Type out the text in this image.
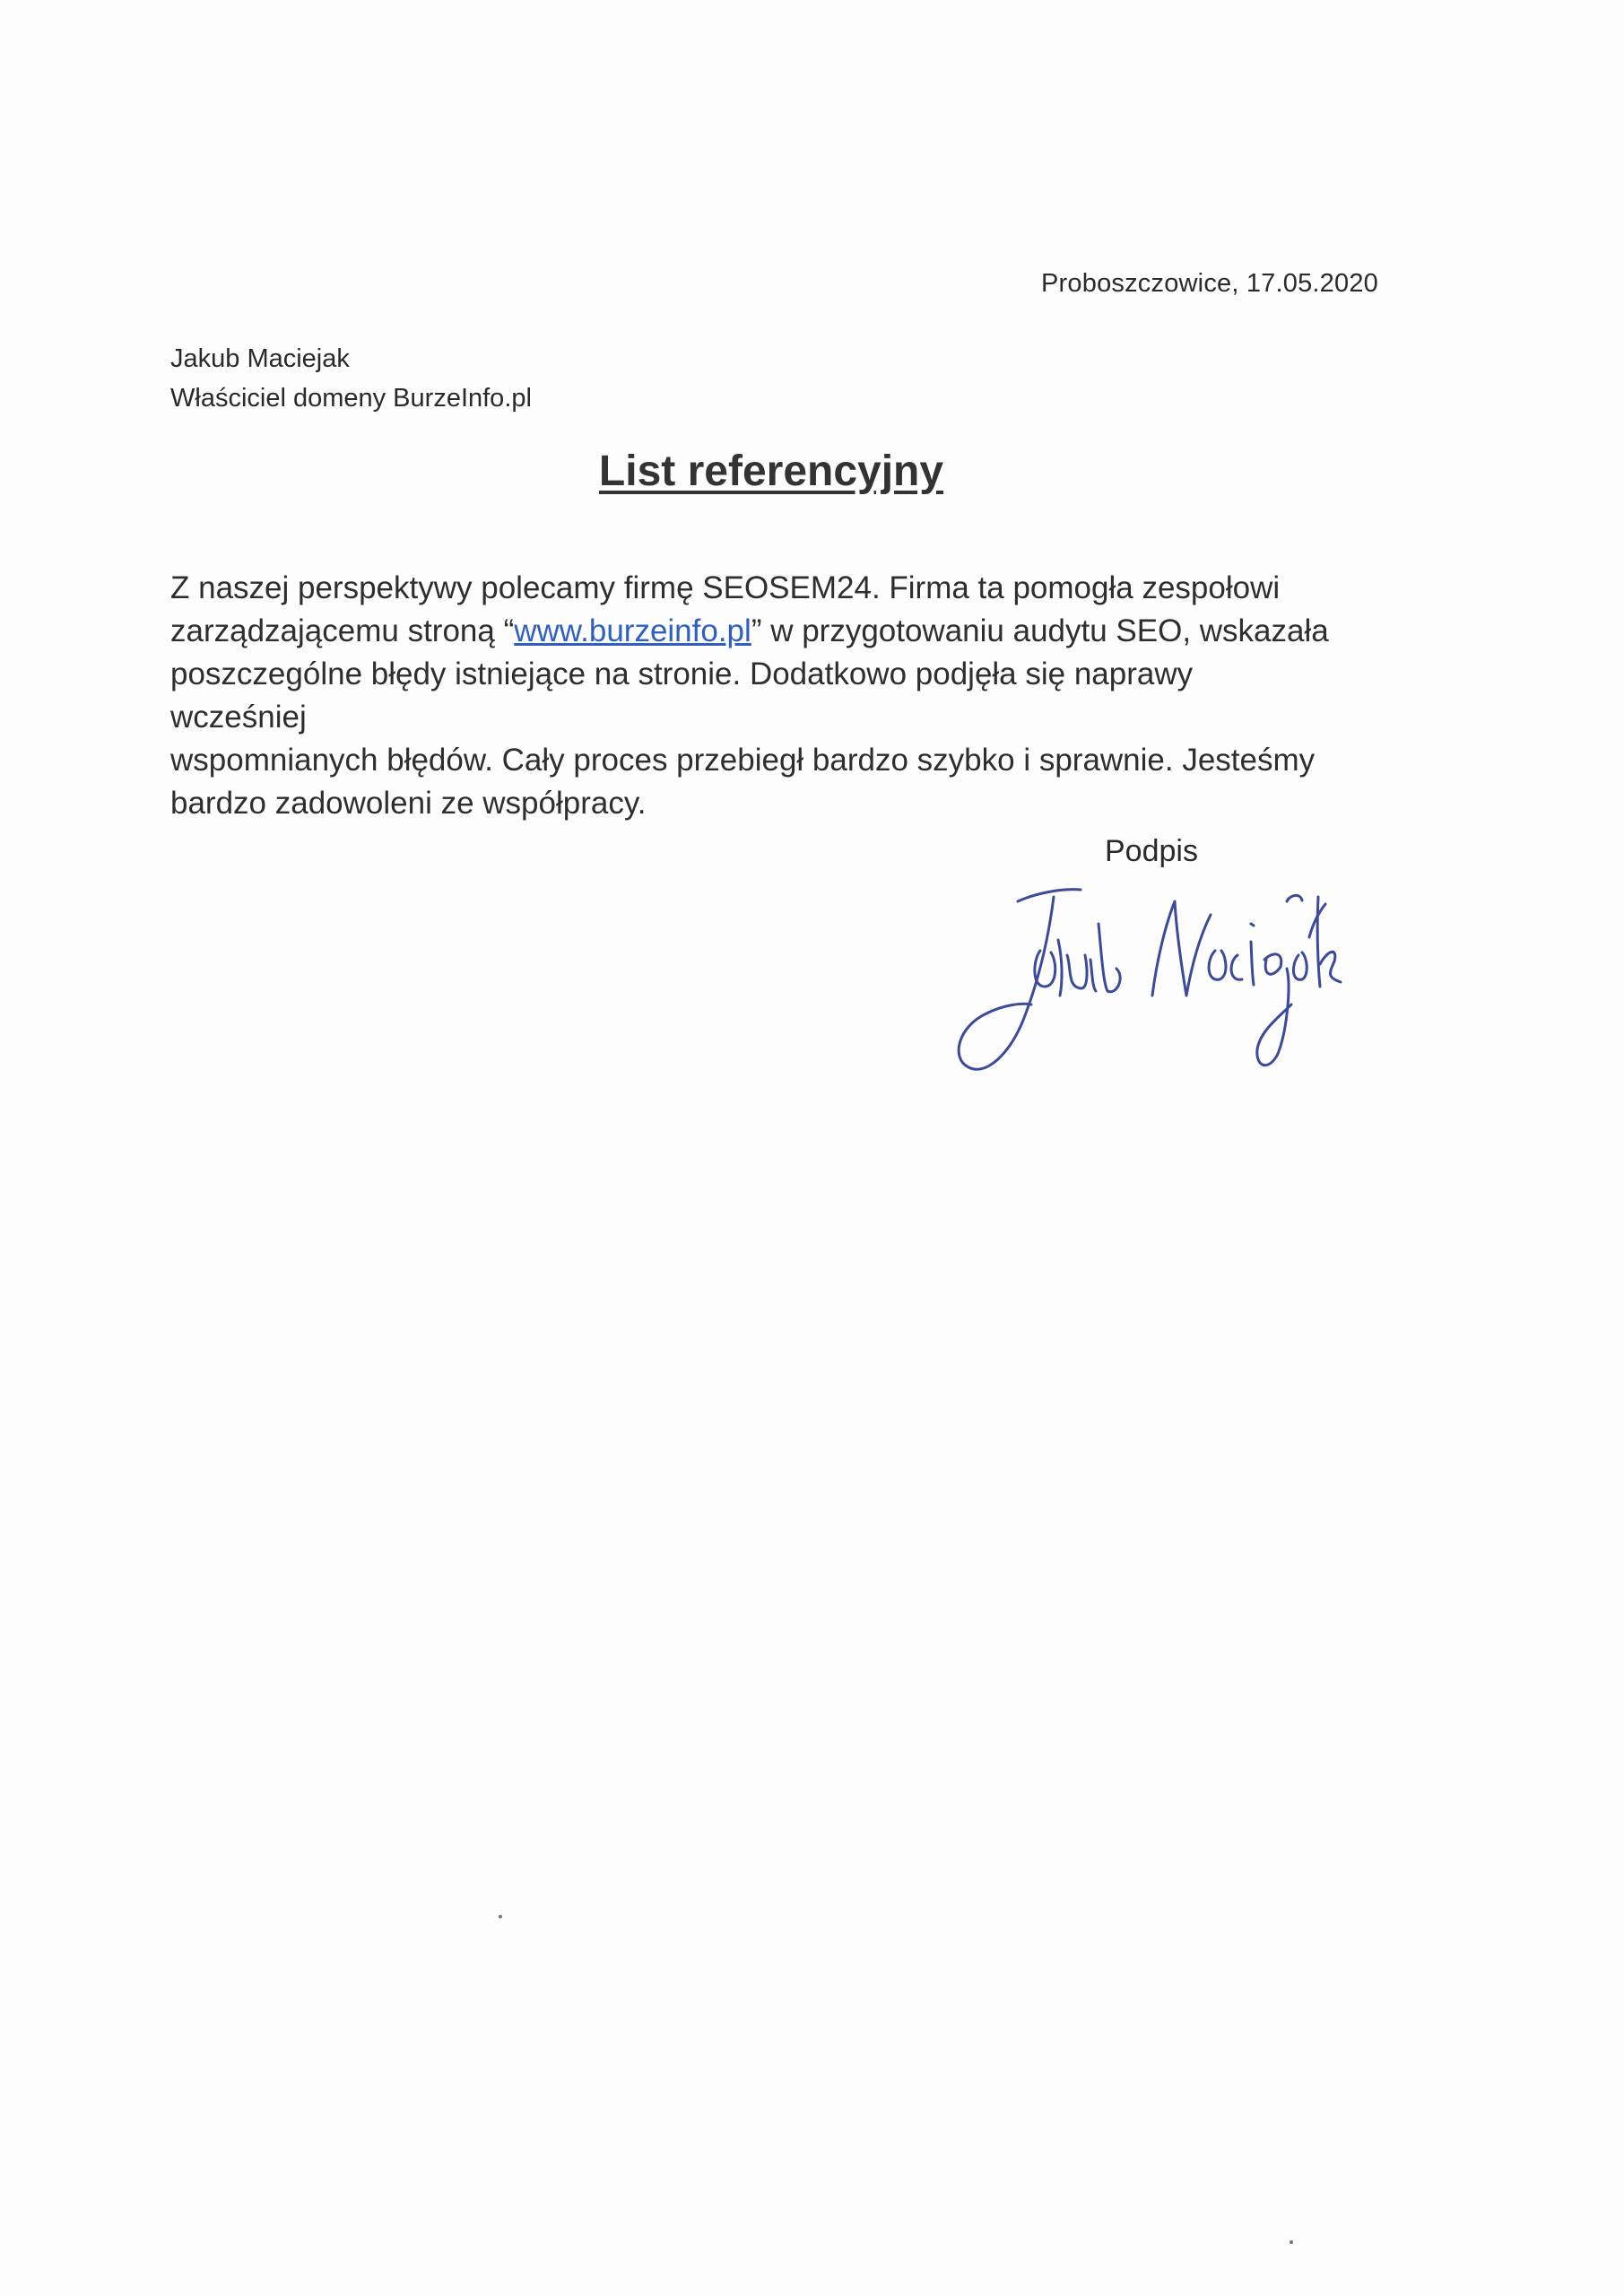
Proboszczowice, 17.05.2020
Jakub Maciejak
Właściciel domeny BurzeInfo.pl
List referencyjny

Z naszej perspektywy polecamy firmę SEOSEM24. Firma ta pomogła zespołowi

zarządzającemu stroną “www.burzeinfo.pl” w przygotowaniu audytu SEO, wskazała

poszczególne błędy istniejące na stronie. Dodatkowo podjęła się naprawy wcześniej

wspomnianych błędów. Cały proces przebiegł bardzo szybko i sprawnie. Jesteśmy

bardzo zadowoleni ze współpracy.

Podpis
